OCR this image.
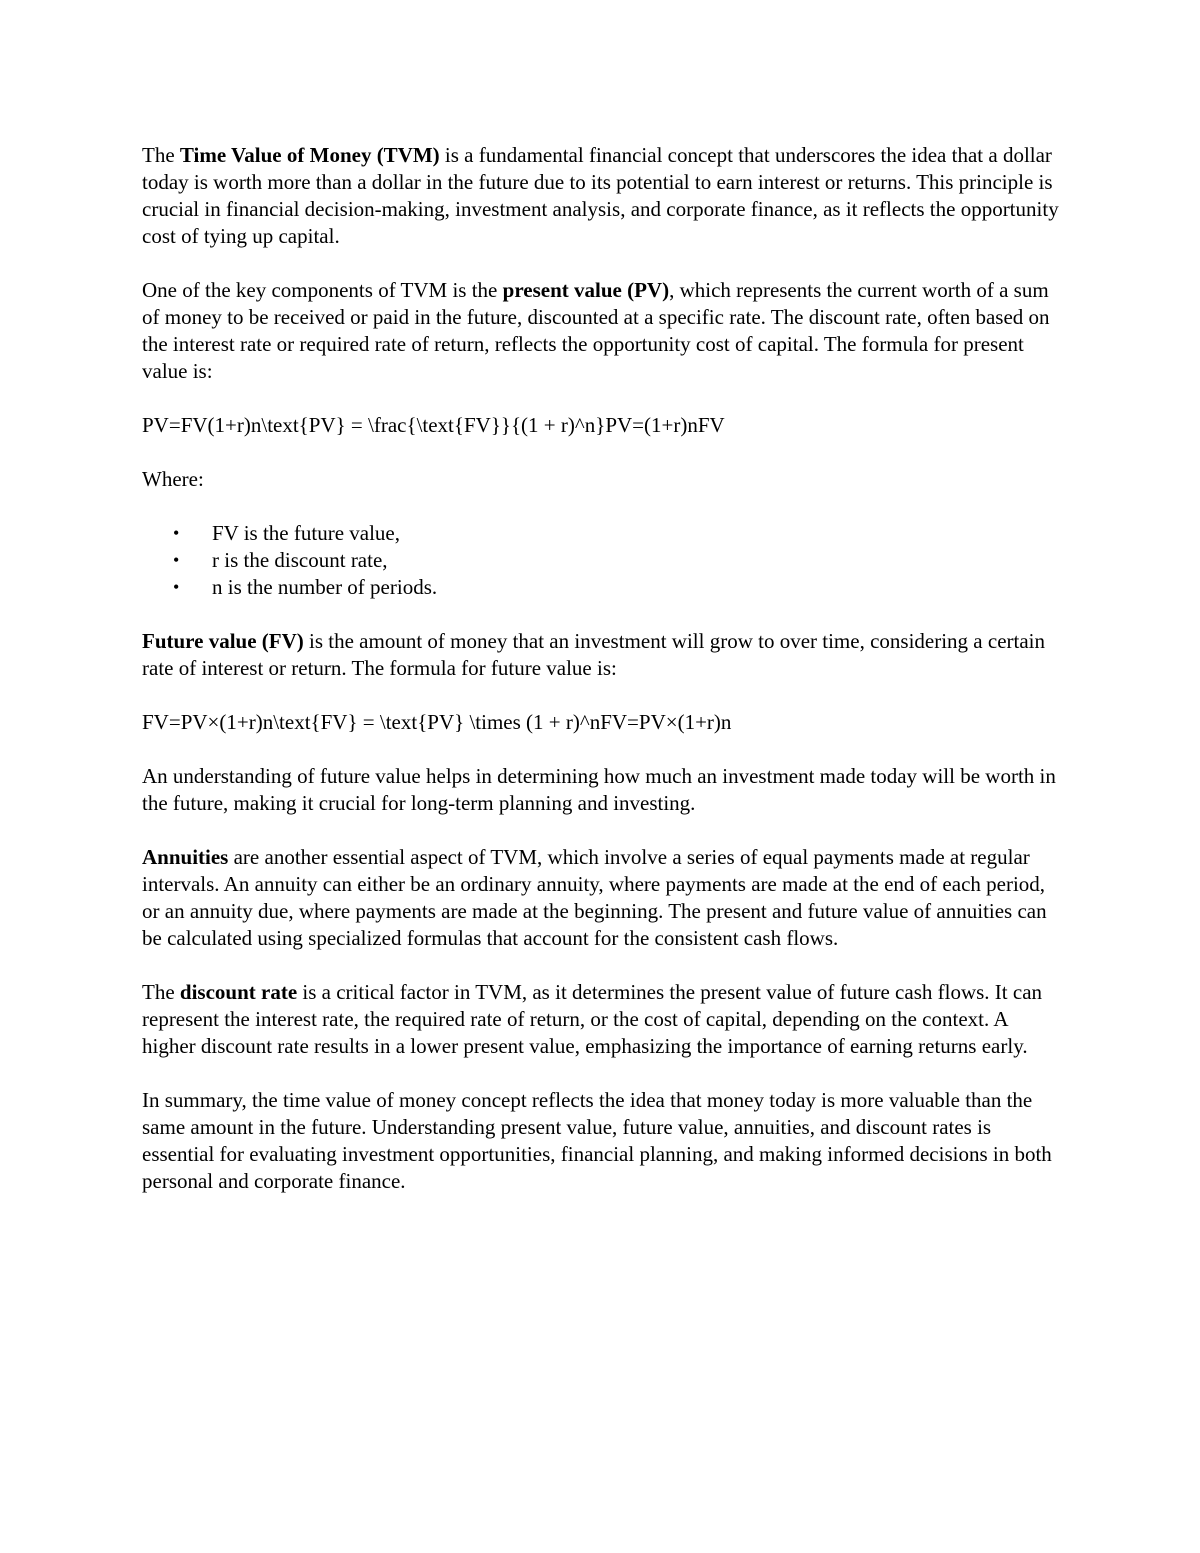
The Time Value of Money (TVM) is a fundamental financial concept that underscores the idea that a dollar today is worth more than a dollar in the future due to its potential to earn interest or returns. This principle is crucial in financial decision-making, investment analysis, and corporate finance, as it reflects the opportunity cost of tying up capital.

One of the key components of TVM is the present value (PV), which represents the current worth of a sum of money to be received or paid in the future, discounted at a specific rate. The discount rate, often based on the interest rate or required rate of return, reflects the opportunity cost of capital. The formula for present value is:

PV=FV(1+r)n\text{PV} = \frac{\text{FV}}{(1 + r)^n}PV=(1+r)nFV

Where:

• FV is the future value,
• r is the discount rate,
• n is the number of periods.

Future value (FV) is the amount of money that an investment will grow to over time, considering a certain rate of interest or return. The formula for future value is:

FV=PV×(1+r)n\text{FV} = \text{PV} \times (1 + r)^nFV=PV×(1+r)n

An understanding of future value helps in determining how much an investment made today will be worth in the future, making it crucial for long-term planning and investing.

Annuities are another essential aspect of TVM, which involve a series of equal payments made at regular intervals. An annuity can either be an ordinary annuity, where payments are made at the end of each period, or an annuity due, where payments are made at the beginning. The present and future value of annuities can be calculated using specialized formulas that account for the consistent cash flows.

The discount rate is a critical factor in TVM, as it determines the present value of future cash flows. It can represent the interest rate, the required rate of return, or the cost of capital, depending on the context. A higher discount rate results in a lower present value, emphasizing the importance of earning returns early.

In summary, the time value of money concept reflects the idea that money today is more valuable than the same amount in the future. Understanding present value, future value, annuities, and discount rates is essential for evaluating investment opportunities, financial planning, and making informed decisions in both personal and corporate finance.
